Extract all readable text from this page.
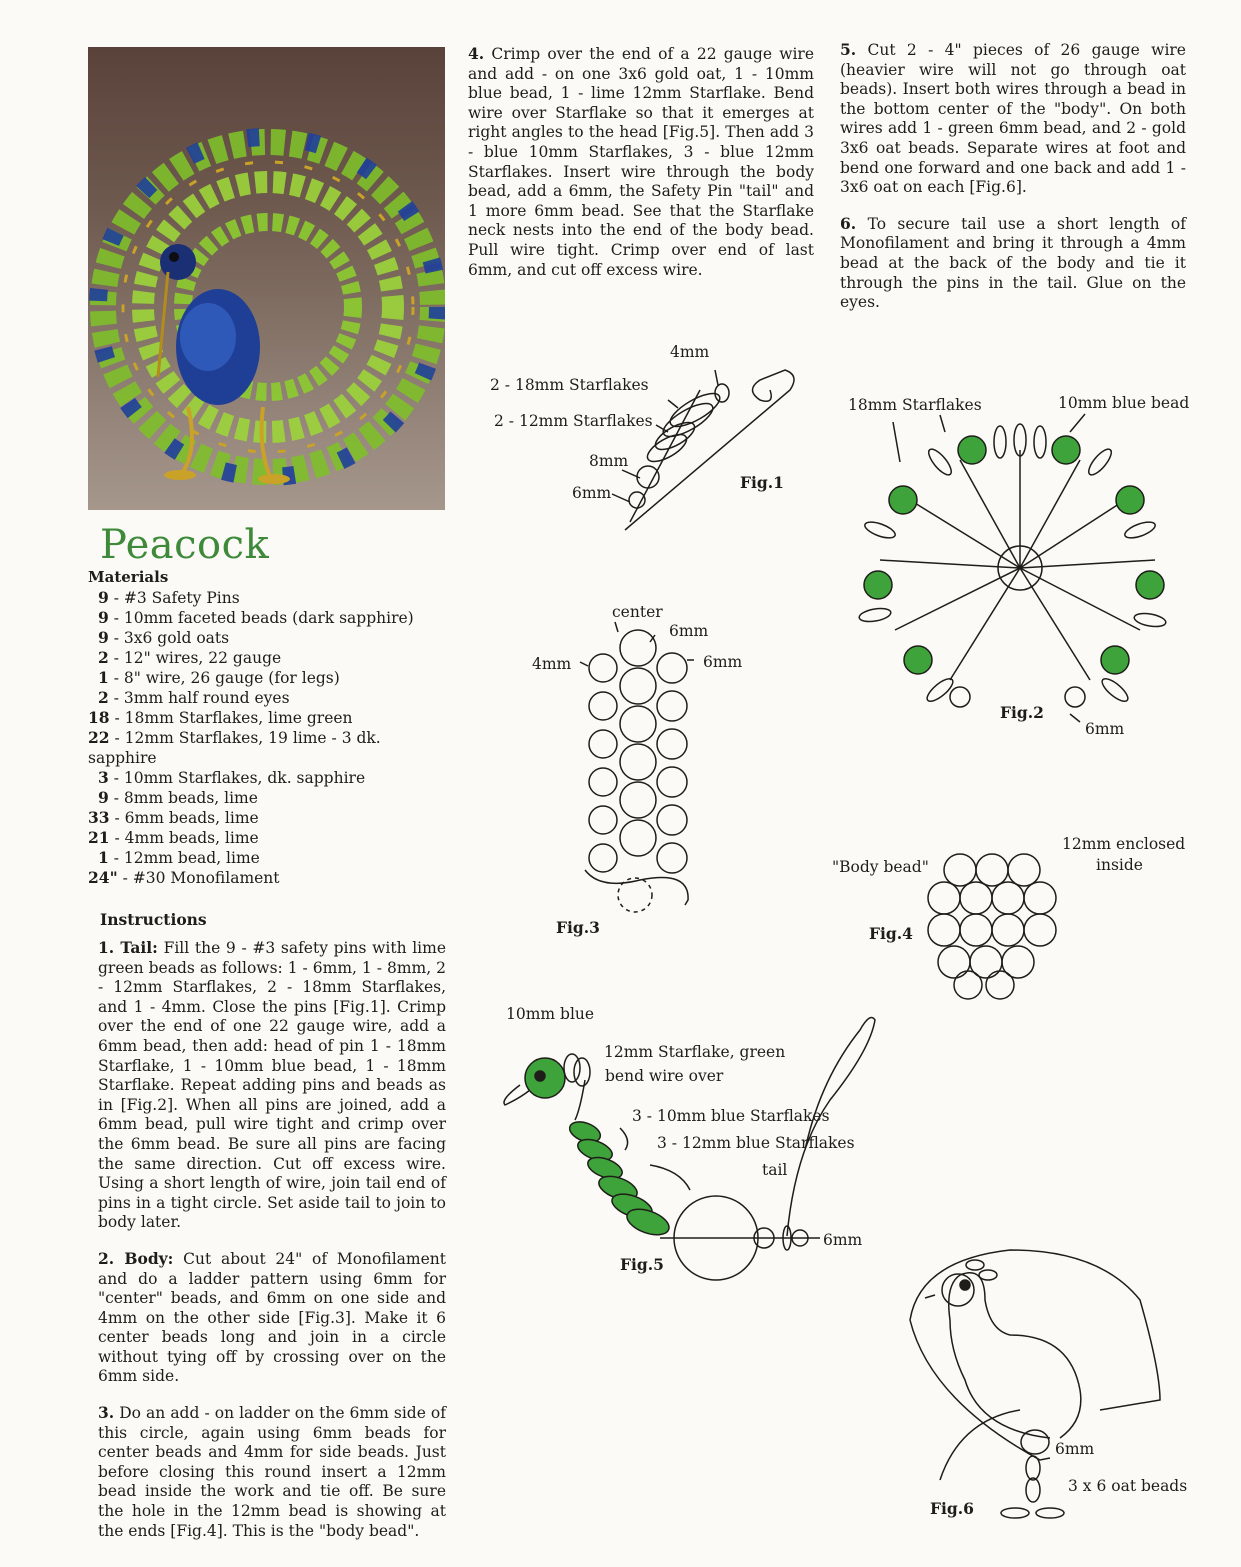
Peacock
Materials
9 - #3 Safety Pins
9 - 10mm faceted beads (dark sapphire)
9 - 3x6 gold oats
2 - 12" wires, 22 gauge
1 - 8" wire, 26 gauge (for legs)
2 - 3mm half round eyes
18 - 18mm Starflakes, lime green
22 - 12mm Starflakes, 19 lime - 3 dk. sapphire
3 - 10mm Starflakes, dk. sapphire
9 - 8mm beads, lime
33 - 6mm beads, lime
21 - 4mm beads, lime
1 - 12mm bead, lime
24" - #30 Monofilament
Instructions

1. Tail: Fill the 9 - #3 safety pins with lime green beads as follows: 1 - 6mm, 1 - 8mm, 2 - 12mm Starflakes, 2 - 18mm Starflakes, and 1 - 4mm. Close the pins [Fig.1]. Crimp over the end of one 22 gauge wire, add a 6mm bead, then add: head of pin 1 - 18mm Starflake, 1 - 10mm blue bead, 1 - 18mm Starflake. Repeat adding pins and beads as in [Fig.2]. When all pins are joined, add a 6mm bead, pull wire tight and crimp over the 6mm bead. Be sure all pins are facing the same direction. Cut off excess wire. Using a short length of wire, join tail end of pins in a tight circle. Set aside tail to join to body later.

2. Body: Cut about 24" of Monofilament and do a ladder pattern using 6mm for "center" beads, and 6mm on one side and 4mm on the other side [Fig.3]. Make it 6 center beads long and join in a circle without tying off by crossing over on the 6mm side.

3. Do an add - on ladder on the 6mm side of this circle, again using 6mm beads for center beads and 4mm for side beads. Just before closing this round insert a 12mm bead inside the work and tie off. Be sure the hole in the 12mm bead is showing at the ends [Fig.4]. This is the "body bead".

4. Crimp over the end of a 22 gauge wire and add - on one 3x6 gold oat, 1 - 10mm blue bead, 1 - lime 12mm Starflake. Bend wire over Starflake so that it emerges at right angles to the head [Fig.5]. Then add 3 - blue 10mm Starflakes, 3 - blue 12mm Starflakes. Insert wire through the body bead, add a 6mm, the Safety Pin "tail" and 1 more 6mm bead. See that the Starflake neck nests into the end of the body bead. Pull wire tight. Crimp over end of last 6mm, and cut off excess wire.

5. Cut 2 - 4" pieces of 26 gauge wire (heavier wire will not go through oat beads). Insert both wires through a bead in the bottom center of the "body". On both wires add 1 - green 6mm bead, and 2 - gold 3x6 oat beads. Separate wires at foot and bend one forward and one back and add 1 - 3x6 oat on each [Fig.6].

6. To secure tail use a short length of Monofilament and bring it through a 4mm bead at the back of the body and tie it through the pins in the tail. Glue on the eyes.

4mm
2 - 18mm Starflakes
2 - 12mm Starflakes
8mm
6mm
Fig.1
18mm Starflakes	10mm blue bead
6mm
Fig.2
center
6mm
4mm	6mm
Fig.3
"Body bead"
12mm enclosed
inside
Fig.4
10mm blue
12mm Starflake, green
bend wire over
3 - 10mm blue Starflakes
3 - 12mm blue Starflakes
tail
6mm
Fig.5
6mm
3 x 6 oat beads
Fig.6
